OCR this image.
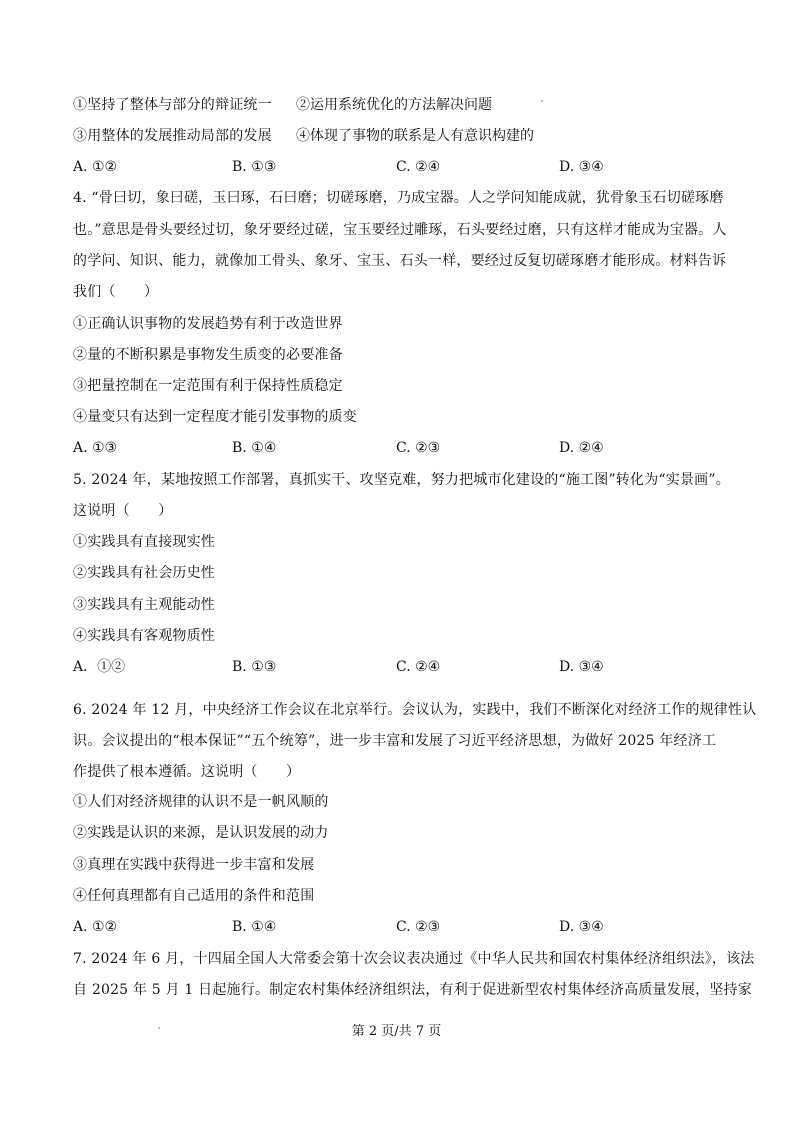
①坚持了整体与部分的辩证统一 ②运用系统优化的方法解决问题
③用整体的发展推动局部的发展 ④体现了事物的联系是人有意识构建的
A. ①②	B. ①③	C. ②④	D. ③④
4. “骨曰切，象曰磋，玉曰琢，石曰磨；切磋琢磨，乃成宝器。人之学问知能成就，犹骨象玉石切磋琢磨
也。”意思是骨头要经过切，象牙要经过磋，宝玉要经过雕琢，石头要经过磨，只有这样才能成为宝器。人
的学问、知识、能力，就像加工骨头、象牙、宝玉、石头一样，要经过反复切磋琢磨才能形成。材料告诉
我们（　　）
①正确认识事物的发展趋势有利于改造世界
②量的不断积累是事物发生质变的必要准备
③把量控制在一定范围有利于保持性质稳定
④量变只有达到一定程度才能引发事物的质变
A. ①③	B. ①④	C. ②③	D. ②④
5. 2024 年，某地按照工作部署，真抓实干、攻坚克难，努力把城市化建设的“施工图”转化为“实景画”。
这说明（　　）
①实践具有直接现实性
②实践具有社会历史性
③实践具有主观能动性
④实践具有客观物质性
A．①②	B. ①③	C. ②④	D. ③④
6. 2024 年 12 月，中央经济工作会议在北京举行。会议认为，实践中，我们不断深化对经济工作的规律性认
识。会议提出的“根本保证”“五个统筹”，进一步丰富和发展了习近平经济思想，为做好 2025 年经济工
作提供了根本遵循。这说明（　　）
①人们对经济规律的认识不是一帆风顺的
②实践是认识的来源，是认识发展的动力
③真理在实践中获得进一步丰富和发展
④任何真理都有自己适用的条件和范围
A. ①②	B. ①④	C. ②③	D. ③④
7. 2024 年 6 月，十四届全国人大常委会第十次会议表决通过《中华人民共和国农村集体经济组织法》，该法
自 2025 年 5 月 1 日起施行。制定农村集体经济组织法，有利于促进新型农村集体经济高质量发展，坚持家
第 2 页/共 7 页
